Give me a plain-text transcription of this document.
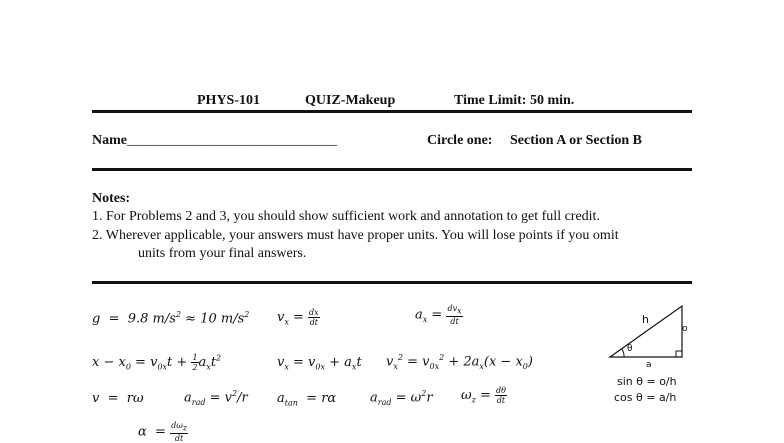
PHYS-101	QUIZ-Makeup	Time Limit: 50 min.
Name______________________________	Circle one: Section A or Section B
Notes:
1. For Problems 2 and 3, you should show sufficient work and annotation to get full credit.
2. Wherever applicable, your answers must have proper units. You will lose points if you omit
units from your final answers.
g  =  9.8 $m/s^2 \approx 10$ $m/s^2$ $v_x = \frac{dx}{dt}$	$a_x = \frac{dv_x}{dt}$
$x - x_0 = v_{0x}t + \frac{1}{2} a_xt^2$	$v_x = v_{0x} + a_xt$ $v_x^2 = v_{0x}^2 + 2a_x(x - x_0)$
v  =  rω	$a_{rad} = v^2/r$ $a_{tan} = r\alpha$	$a_{rad} = \omega^2r$ $\omega_z = \frac{d\theta}{dt}$
$\alpha = \frac{d\omega_z}{dt}$
h
o
a
θ
sin θ = o/h
cos θ = a/h
